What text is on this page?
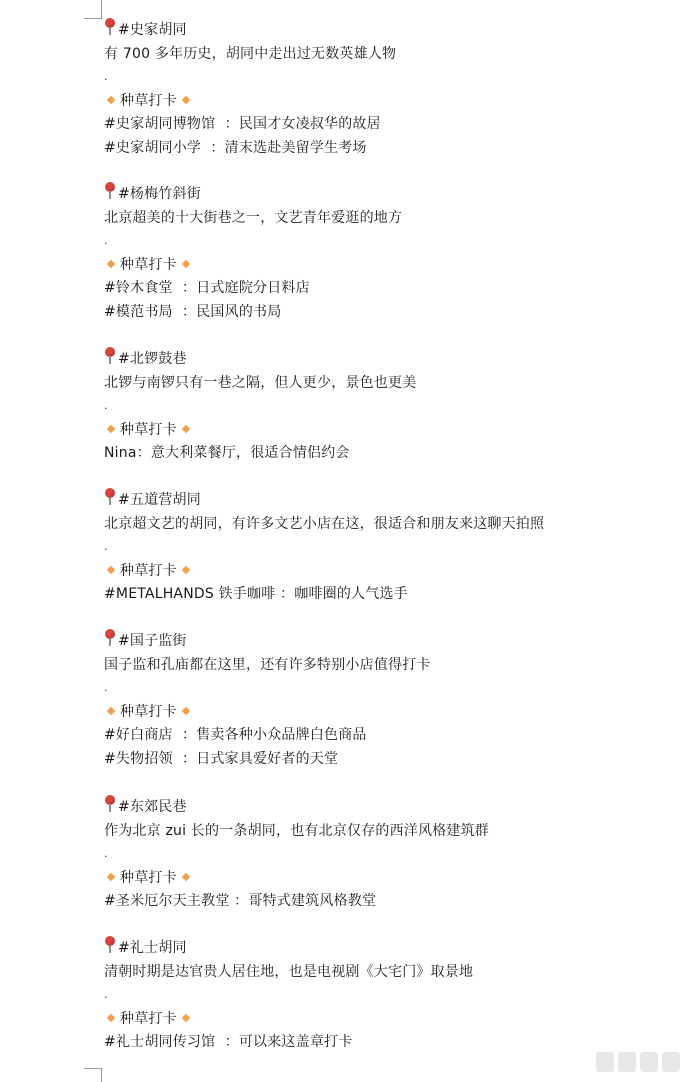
#史家胡同
有 700 多年历史，胡同中走出过无数英雄人物
.
种草打卡
#史家胡同博物馆  ：民国才女凌叔华的故居
#史家胡同小学  ：清末选赴美留学生考场
#杨梅竹斜街
北京超美的十大街巷之一，文艺青年爱逛的地方
.
种草打卡
#铃木食堂  ：日式庭院分日料店
#模范书局  ：民国风的书局
#北锣鼓巷
北锣与南锣只有一巷之隔，但人更少，景色也更美
.
种草打卡
Nina：意大利菜餐厅，很适合情侣约会
#五道营胡同
北京超文艺的胡同，有许多文艺小店在这，很适合和朋友来这聊天拍照
.
种草打卡
#METALHANDS 铁手咖啡 ：咖啡圈的人气选手
#国子监街
国子监和孔庙都在这里，还有许多特别小店值得打卡
.
种草打卡
#好白商店  ：售卖各种小众品牌白色商品
#失物招领  ：日式家具爱好者的天堂
#东郊民巷
作为北京 zui 长的一条胡同，也有北京仅存的西洋风格建筑群
.
种草打卡
#圣米厄尔天主教堂 ：哥特式建筑风格教堂
#礼士胡同
清朝时期是达官贵人居住地，也是电视剧《大宅门》取景地
.
种草打卡
#礼士胡同传习馆  ：可以来这盖章打卡
